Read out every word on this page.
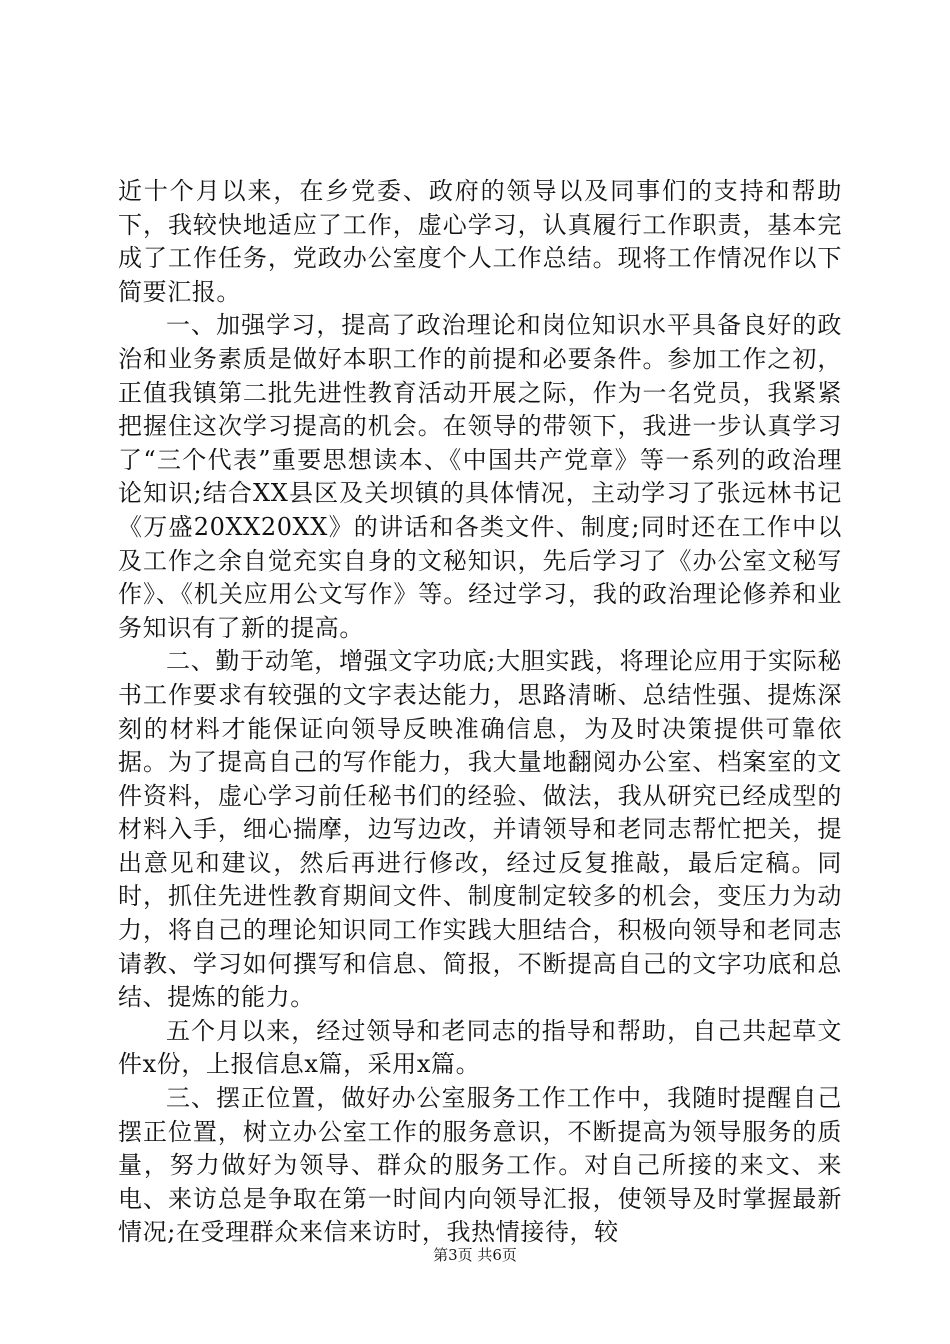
近十个月以来，在乡党委、政府的领导以及同事们的支持和帮助下，我较快地适应了工作，虚心学习，认真履行工作职责，基本完成了工作任务，党政办公室度个人工作总结。现将工作情况作以下简要汇报。

一、加强学习，提高了政治理论和岗位知识水平具备良好的政治和业务素质是做好本职工作的前提和必要条件。参加工作之初，正值我镇第二批先进性教育活动开展之际，作为一名党员，我紧紧把握住这次学习提高的机会。在领导的带领下，我进一步认真学习了“三个代表”重要思想读本、《中国共产党章》等一系列的政治理论知识;结合XX县区及关坝镇的具体情况，主动学习了张远林书记《万盛20XX20XX》的讲话和各类文件、制度;同时还在工作中以及工作之余自觉充实自身的文秘知识，先后学习了《办公室文秘写作》、《机关应用公文写作》等。经过学习，我的政治理论修养和业务知识有了新的提高。

二、勤于动笔，增强文字功底;大胆实践，将理论应用于实际秘书工作要求有较强的文字表达能力，思路清晰、总结性强、提炼深刻的材料才能保证向领导反映准确信息，为及时决策提供可靠依据。为了提高自己的写作能力，我大量地翻阅办公室、档案室的文件资料，虚心学习前任秘书们的经验、做法，我从研究已经成型的材料入手，细心揣摩，边写边改，并请领导和老同志帮忙把关，提出意见和建议，然后再进行修改，经过反复推敲，最后定稿。同时，抓住先进性教育期间文件、制度制定较多的机会，变压力为动力，将自己的理论知识同工作实践大胆结合，积极向领导和老同志请教、学习如何撰写和信息、简报，不断提高自己的文字功底和总结、提炼的能力。

五个月以来，经过领导和老同志的指导和帮助，自己共起草文件x份，上报信息x篇，采用x篇。

三、摆正位置，做好办公室服务工作工作中，我随时提醒自己摆正位置，树立办公室工作的服务意识，不断提高为领导服务的质量，努力做好为领导、群众的服务工作。对自己所接的来文、来电、来访总是争取在第一时间内向领导汇报，使领导及时掌握最新情况;在受理群众来信来访时，我热情接待，较

第3页 共6页
